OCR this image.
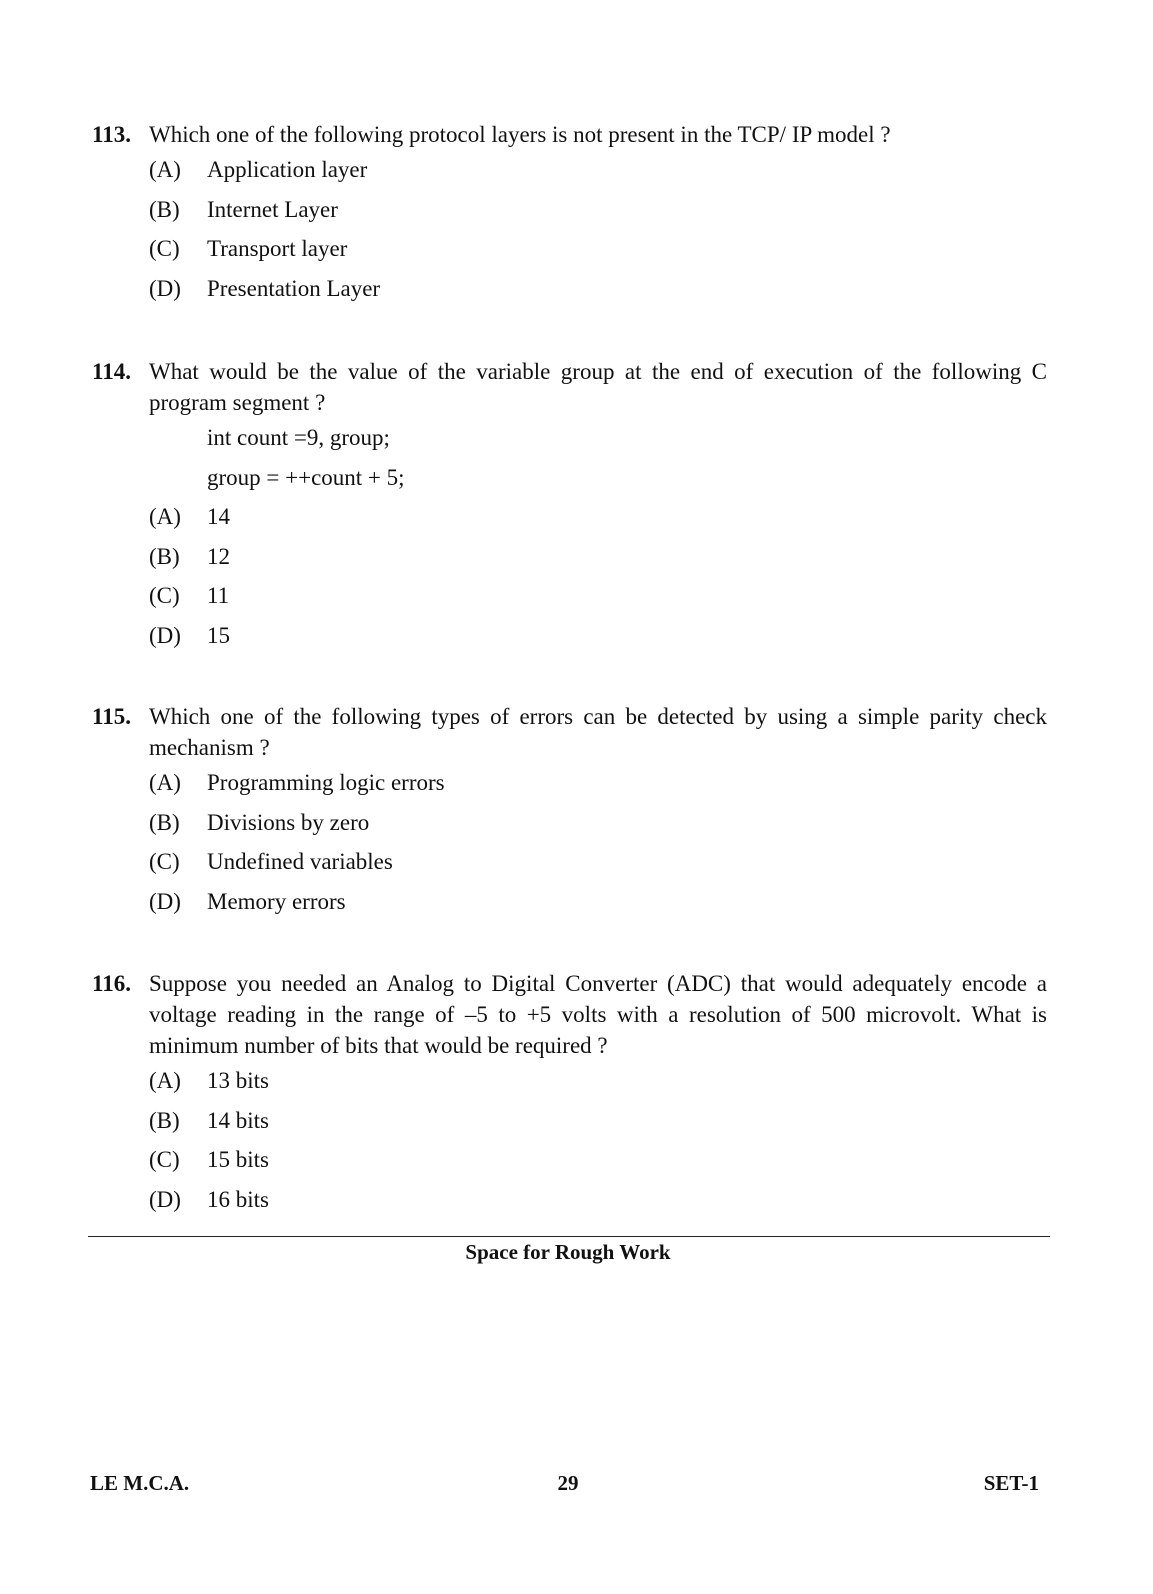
113. Which one of the following protocol layers is not present in the TCP/ IP model ?
(A) Application layer
(B) Internet Layer
(C) Transport layer
(D) Presentation Layer
114. What would be the value of the variable group at the end of execution of the following C program segment ?
int count =9, group;
group = ++count + 5;
(A) 14
(B) 12
(C) 11
(D) 15
115. Which one of the following types of errors can be detected by using a simple parity check mechanism ?
(A) Programming logic errors
(B) Divisions by zero
(C) Undefined variables
(D) Memory errors
116. Suppose you needed an Analog to Digital Converter (ADC) that would adequately encode a voltage reading in the range of –5 to +5 volts with a resolution of 500 microvolt. What is minimum number of bits that would be required ?
(A) 13 bits
(B) 14 bits
(C) 15 bits
(D) 16 bits
Space for Rough Work
LE M.C.A.	29	SET-1
